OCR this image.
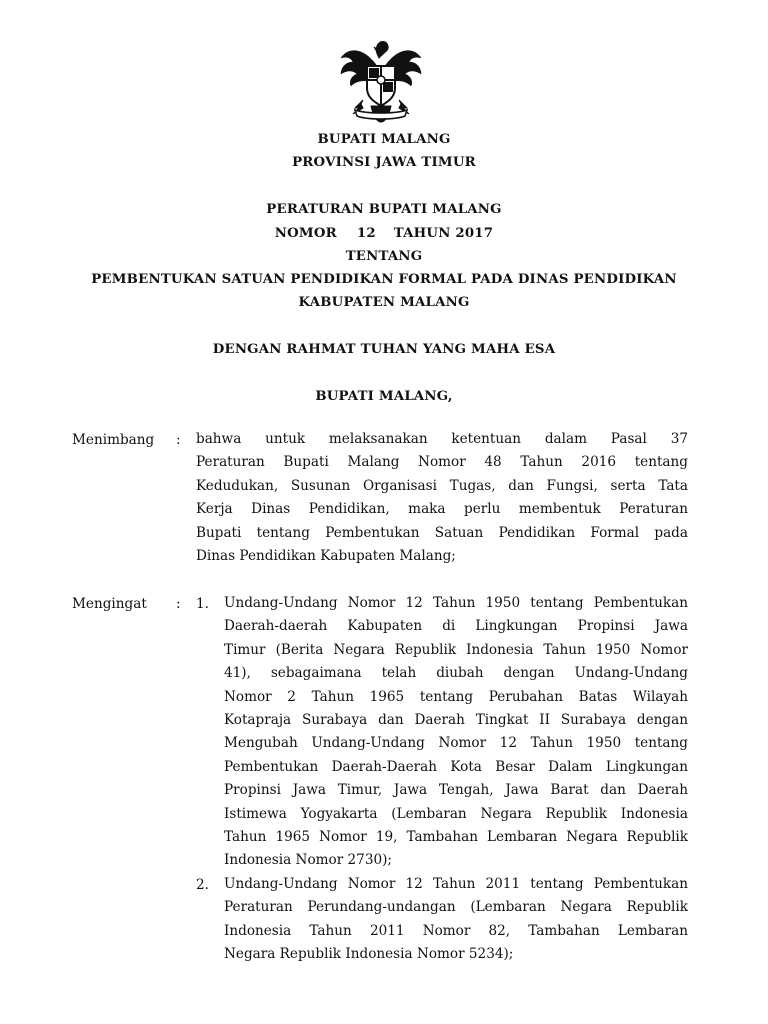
BUPATI MALANG
PROVINSI JAWA TIMUR
PERATURAN BUPATI MALANG
NOMOR 12 TAHUN 2017
TENTANG
PEMBENTUKAN SATUAN PENDIDIKAN FORMAL PADA DINAS PENDIDIKAN
KABUPATEN MALANG
DENGAN RAHMAT TUHAN YANG MAHA ESA
BUPATI MALANG,
Menimbang : bahwa untuk melaksanakan ketentuan dalam Pasal 37
Peraturan Bupati Malang Nomor 48 Tahun 2016 tentang
Kedudukan, Susunan Organisasi Tugas, dan Fungsi, serta Tata
Kerja Dinas Pendidikan, maka perlu membentuk Peraturan
Bupati tentang Pembentukan Satuan Pendidikan Formal pada
Dinas Pendidikan Kabupaten Malang;
Mengingat : 1. Undang-Undang Nomor 12 Tahun 1950 tentang Pembentukan
Daerah-daerah Kabupaten di Lingkungan Propinsi Jawa
Timur (Berita Negara Republik Indonesia Tahun 1950 Nomor
41), sebagaimana telah diubah dengan Undang-Undang
Nomor 2 Tahun 1965 tentang Perubahan Batas Wilayah
Kotapraja Surabaya dan Daerah Tingkat II Surabaya dengan
Mengubah Undang-Undang Nomor 12 Tahun 1950 tentang
Pembentukan Daerah-Daerah Kota Besar Dalam Lingkungan
Propinsi Jawa Timur, Jawa Tengah, Jawa Barat dan Daerah
Istimewa Yogyakarta (Lembaran Negara Republik Indonesia
Tahun 1965 Nomor 19, Tambahan Lembaran Negara Republik
Indonesia Nomor 2730);
2. Undang-Undang Nomor 12 Tahun 2011 tentang Pembentukan
Peraturan Perundang-undangan (Lembaran Negara Republik
Indonesia Tahun 2011 Nomor 82, Tambahan Lembaran
Negara Republik Indonesia Nomor 5234);
